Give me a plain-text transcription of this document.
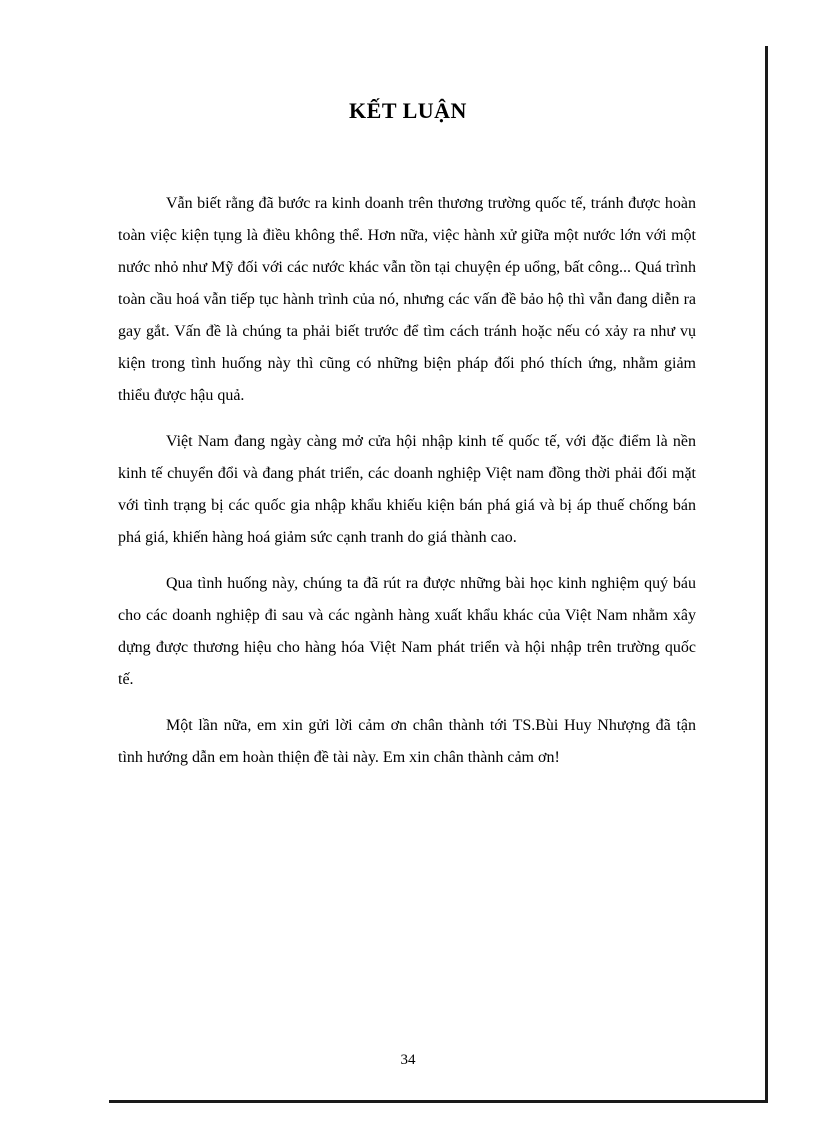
KẾT LUẬN

Vẫn biết rằng đã bước ra kinh doanh trên thương trường quốc tế, tránh được hoàn toàn việc kiện tụng là điều không thể. Hơn nữa, việc hành xử giữa một nước lớn với một nước nhỏ như Mỹ đối với các nước khác vẫn tồn tại chuyện ép uổng, bất công... Quá trình toàn cầu hoá vẫn tiếp tục hành trình của nó, nhưng các vấn đề bảo hộ thì vẫn đang diễn ra gay gắt. Vấn đề là chúng ta phải biết trước để tìm cách tránh hoặc nếu có xảy ra như vụ kiện trong tình huống này thì cũng có những biện pháp đối phó thích ứng, nhằm giảm thiểu được hậu quả.

Việt Nam đang ngày càng mở cửa hội nhập kinh tế quốc tế, với đặc điểm là nền kinh tế chuyển đổi và đang phát triển, các doanh nghiệp Việt nam đồng thời phải đối mặt với tình trạng bị các quốc gia nhập khẩu khiếu kiện bán phá giá và bị áp thuế chống bán phá giá, khiến hàng hoá giảm sức cạnh tranh do giá thành cao.

Qua tình huống này, chúng ta đã rút ra được những bài học kinh nghiệm quý báu cho các doanh nghiệp đi sau và các ngành hàng xuất khẩu khác của Việt Nam nhằm xây dựng được thương hiệu cho hàng hóa Việt Nam phát triển và hội nhập trên trường quốc tế.

Một lần nữa, em xin gửi lời cảm ơn chân thành tới TS.Bùi Huy Nhượng đã tận tình hướng dẫn em hoàn thiện đề tài này. Em xin chân thành cảm ơn!

34
